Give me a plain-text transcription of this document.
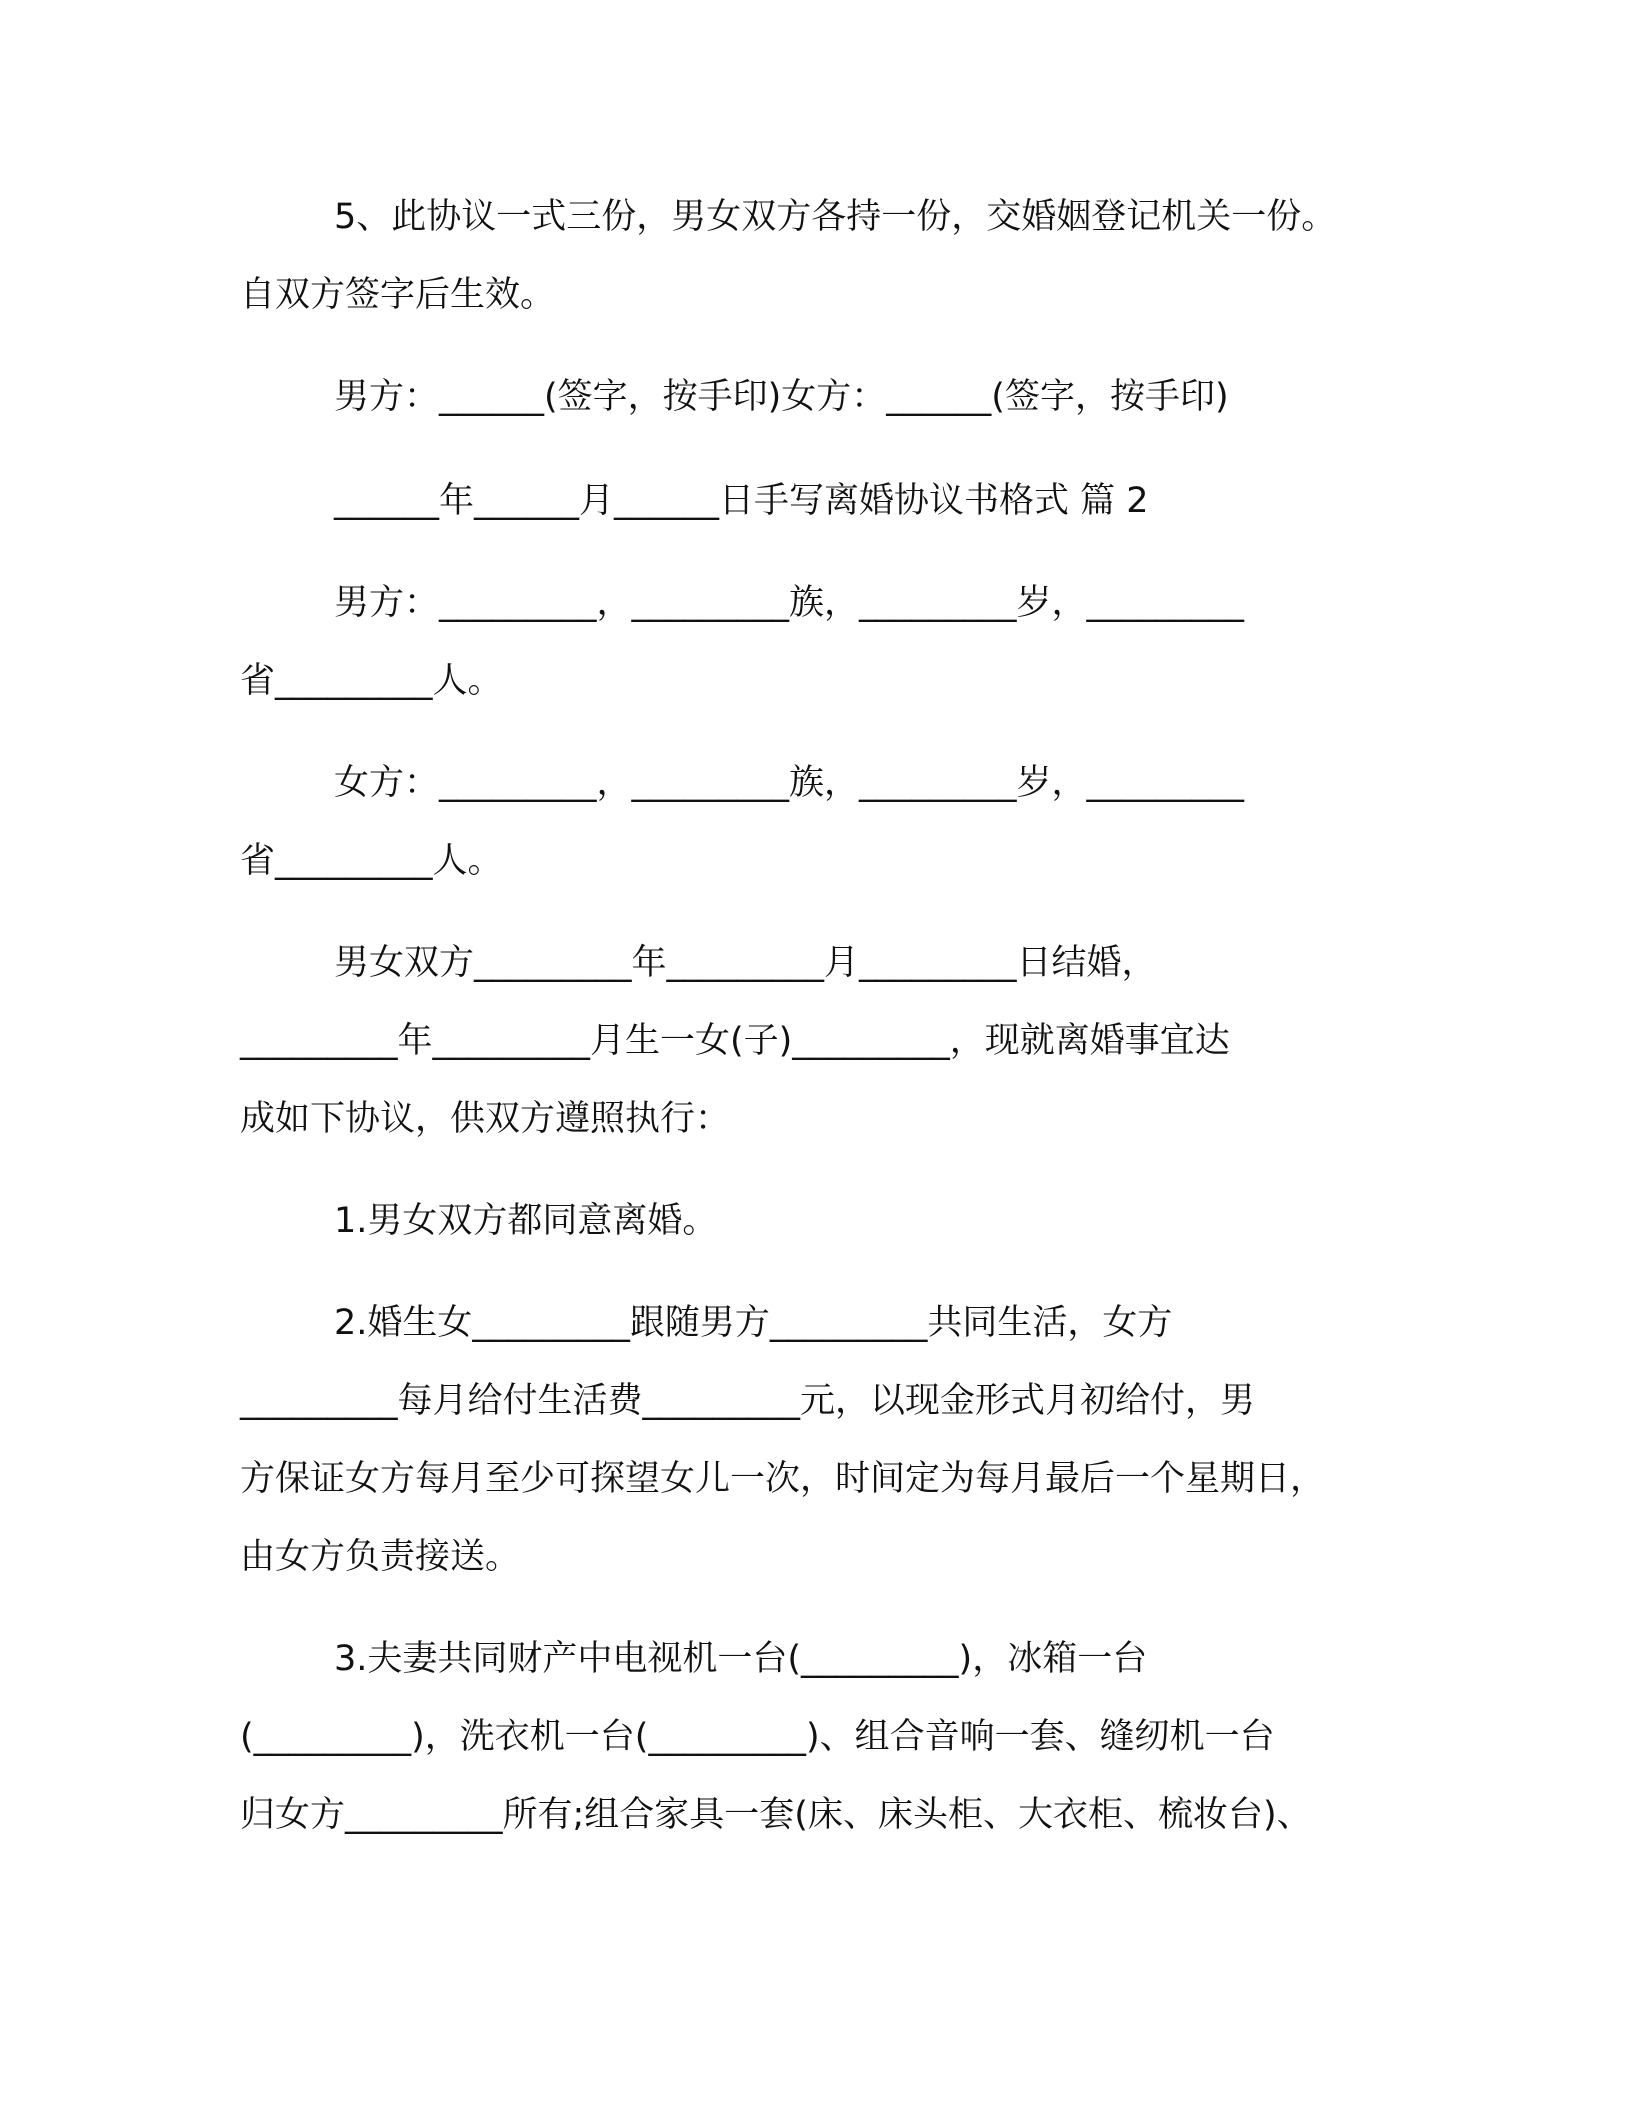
5、此协议一式三份，男女双方各持一份，交婚姻登记机关一份。
自双方签字后生效。
男方：______(签字，按手印)女方：______(签字，按手印)
______年______月______日手写离婚协议书格式 篇 2
男方：_________，_________族，_________岁，_________
省_________人。
女方：_________，_________族，_________岁，_________
省_________人。
男女双方_________年_________月_________日结婚，
_________年_________月生一女(子)_________，现就离婚事宜达
成如下协议，供双方遵照执行：
1.男女双方都同意离婚。
2.婚生女_________跟随男方_________共同生活，女方
_________每月给付生活费_________元，以现金形式月初给付，男
方保证女方每月至少可探望女儿一次，时间定为每月最后一个星期日，
由女方负责接送。
3.夫妻共同财产中电视机一台(_________)，冰箱一台
(_________)，洗衣机一台(_________)、组合音响一套、缝纫机一台
归女方_________所有;组合家具一套(床、床头柜、大衣柜、梳妆台)、
